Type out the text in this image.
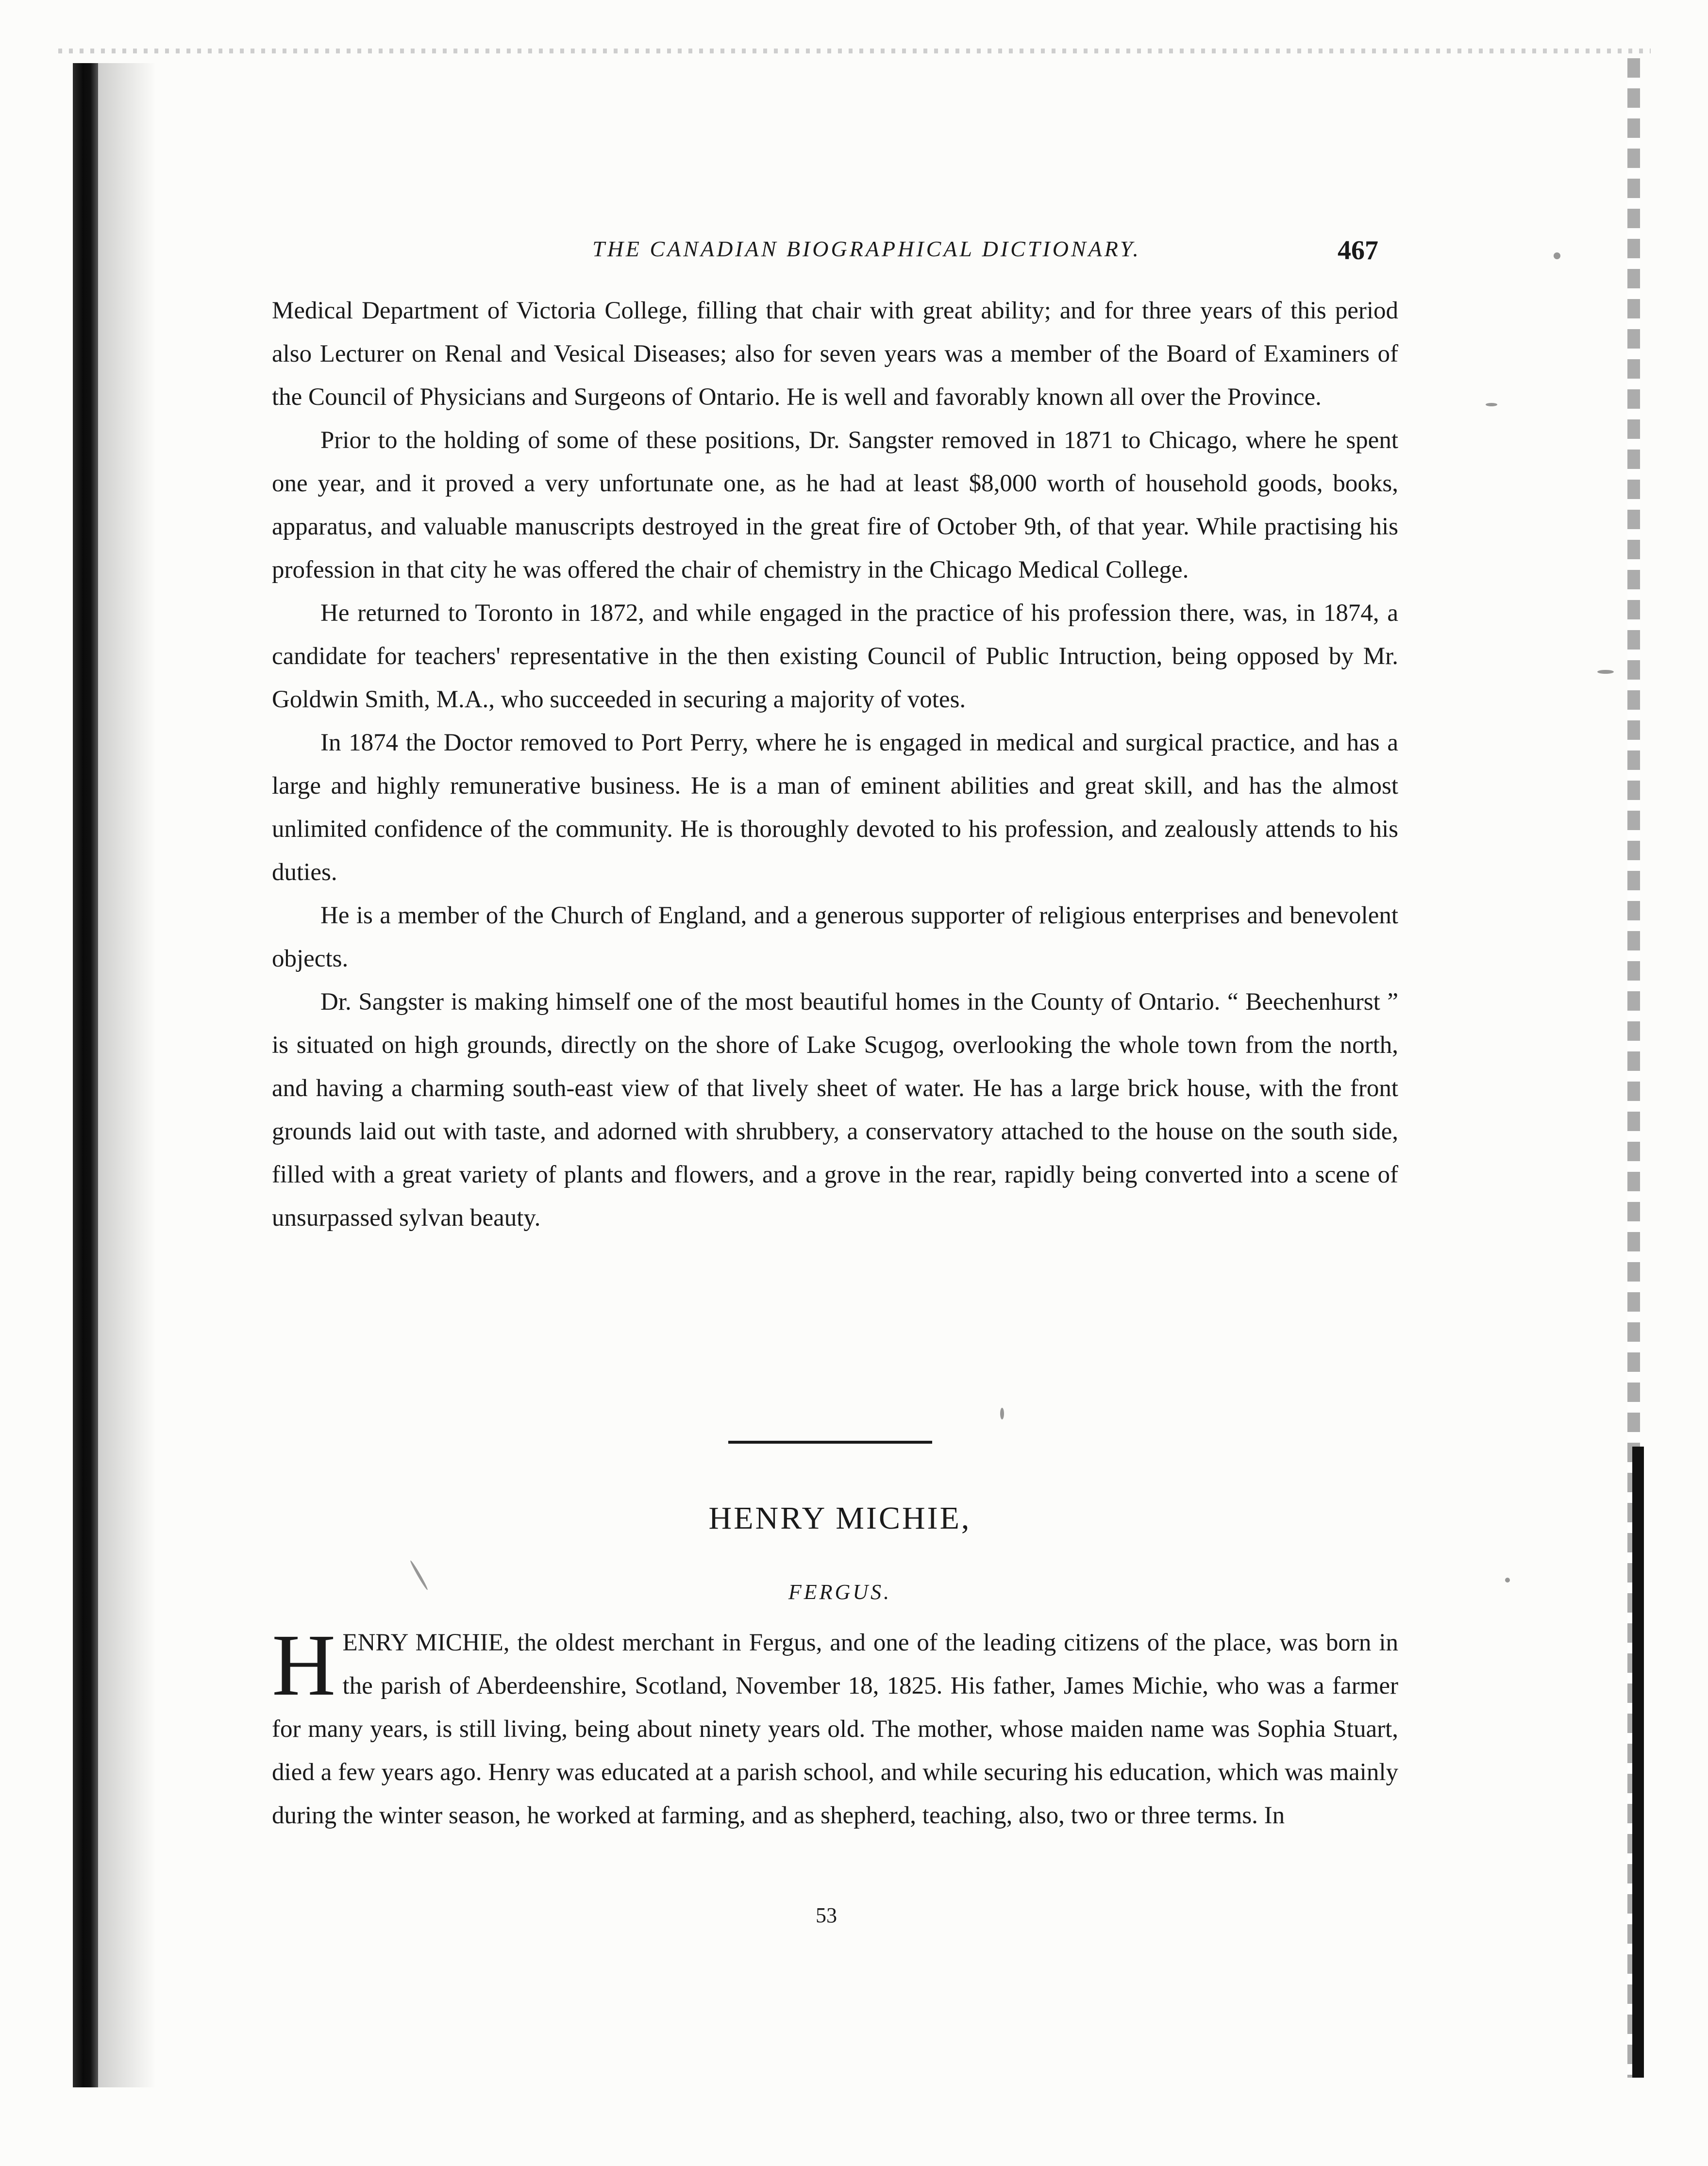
THE CANADIAN BIOGRAPHICAL DICTIONARY.	467

Medical Department of Victoria College, filling that chair with great ability; and for three years of this period also Lecturer on Renal and Vesical Diseases; also for seven years was a member of the Board of Examiners of the Council of Physicians and Surgeons of Ontario. He is well and favorably known all over the Province.

Prior to the holding of some of these positions, Dr. Sangster removed in 1871 to Chicago, where he spent one year, and it proved a very unfortunate one, as he had at least $8,000 worth of household goods, books, apparatus, and valuable manuscripts destroyed in the great fire of October 9th, of that year. While practising his profession in that city he was offered the chair of chemistry in the Chicago Medical College.

He returned to Toronto in 1872, and while engaged in the practice of his profession there, was, in 1874, a candidate for teachers' representative in the then existing Council of Public Intruction, being opposed by Mr. Goldwin Smith, M.A., who succeeded in securing a majority of votes.

In 1874 the Doctor removed to Port Perry, where he is engaged in medical and surgical practice, and has a large and highly remunerative business. He is a man of eminent abilities and great skill, and has the almost unlimited confidence of the community. He is thoroughly devoted to his profession, and zealously attends to his duties.

He is a member of the Church of England, and a generous supporter of religious enterprises and benevolent objects.

Dr. Sangster is making himself one of the most beautiful homes in the County of Ontario. “ Beechenhurst ” is situated on high grounds, directly on the shore of Lake Scugog, overlooking the whole town from the north, and having a charming south-east view of that lively sheet of water. He has a large brick house, with the front grounds laid out with taste, and adorned with shrubbery, a conservatory attached to the house on the south side, filled with a great variety of plants and flowers, and a grove in the rear, rapidly being converted into a scene of unsurpassed sylvan beauty.

HENRY MICHIE,
FERGUS.

HENRY MICHIE, the oldest merchant in Fergus, and one of the leading citizens of the place, was born in the parish of Aberdeenshire, Scotland, November 18, 1825. His father, James Michie, who was a farmer for many years, is still living, being about ninety years old. The mother, whose maiden name was Sophia Stuart, died a few years ago. Henry was educated at a parish school, and while securing his education, which was mainly during the winter season, he worked at farming, and as shepherd, teaching, also, two or three terms. In

53
